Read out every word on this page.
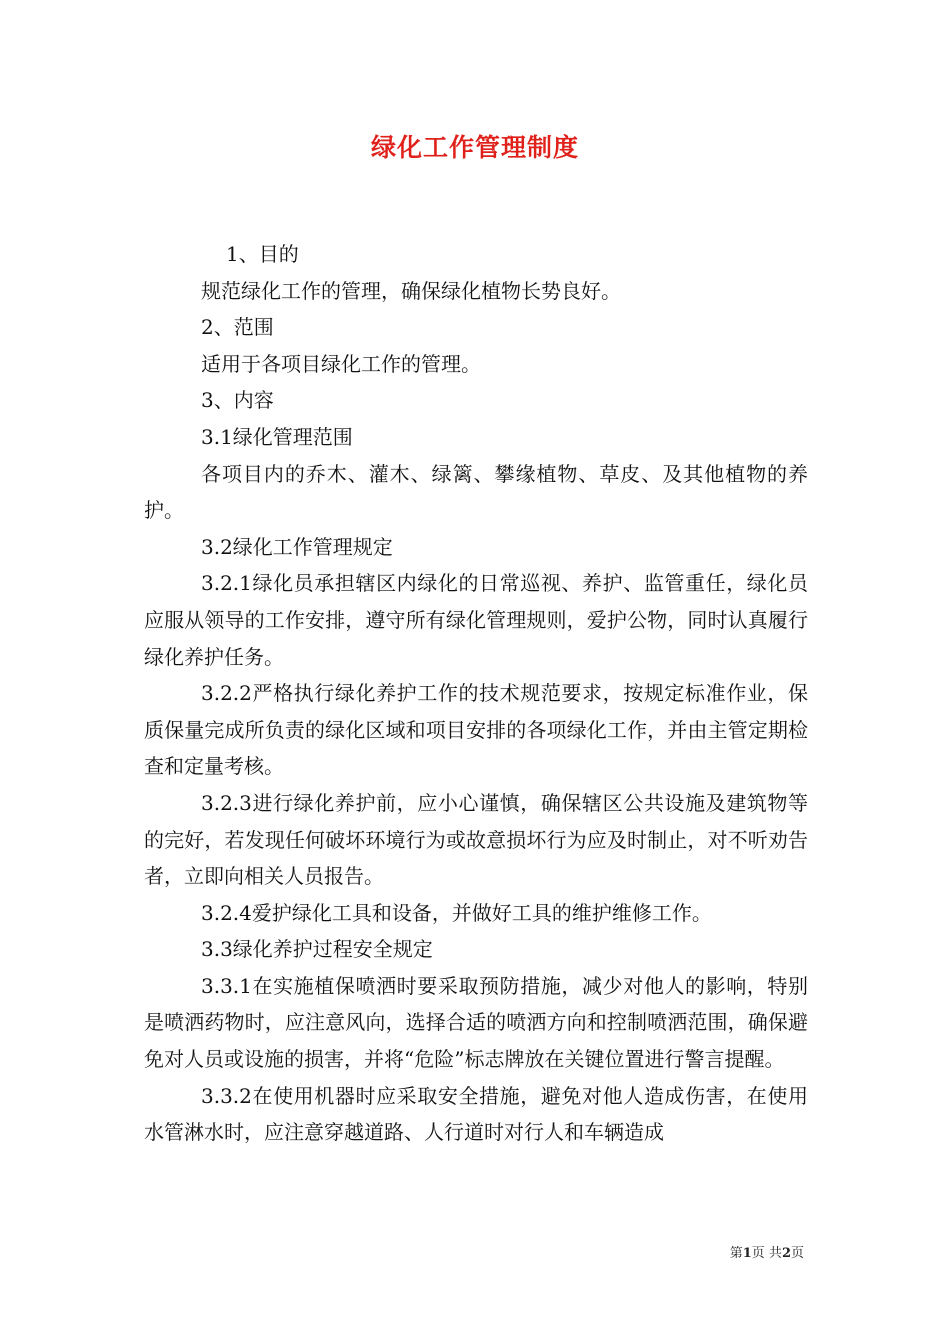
绿化工作管理制度

1、目的

规范绿化工作的管理，确保绿化植物长势良好。

2、范围

适用于各项目绿化工作的管理。

3、内容

3.1绿化管理范围

各项目内的乔木、灌木、绿篱、攀缘植物、草皮、及其他植物的养护。

3.2绿化工作管理规定

3.2.1绿化员承担辖区内绿化的日常巡视、养护、监管重任，绿化员应服从领导的工作安排，遵守所有绿化管理规则，爱护公物，同时认真履行绿化养护任务。

3.2.2严格执行绿化养护工作的技术规范要求，按规定标准作业，保质保量完成所负责的绿化区域和项目安排的各项绿化工作，并由主管定期检查和定量考核。

3.2.3进行绿化养护前，应小心谨慎，确保辖区公共设施及建筑物等的完好，若发现任何破坏环境行为或故意损坏行为应及时制止，对不听劝告者，立即向相关人员报告。

3.2.4爱护绿化工具和设备，并做好工具的维护维修工作。

3.3绿化养护过程安全规定

3.3.1在实施植保喷洒时要采取预防措施，减少对他人的影响，特别是喷洒药物时，应注意风向，选择合适的喷洒方向和控制喷洒范围，确保避免对人员或设施的损害，并将“危险”标志牌放在关键位置进行警言提醒。

3.3.2在使用机器时应采取安全措施，避免对他人造成伤害，在使用水管淋水时，应注意穿越道路、人行道时对行人和车辆造成

第1页 共2页
